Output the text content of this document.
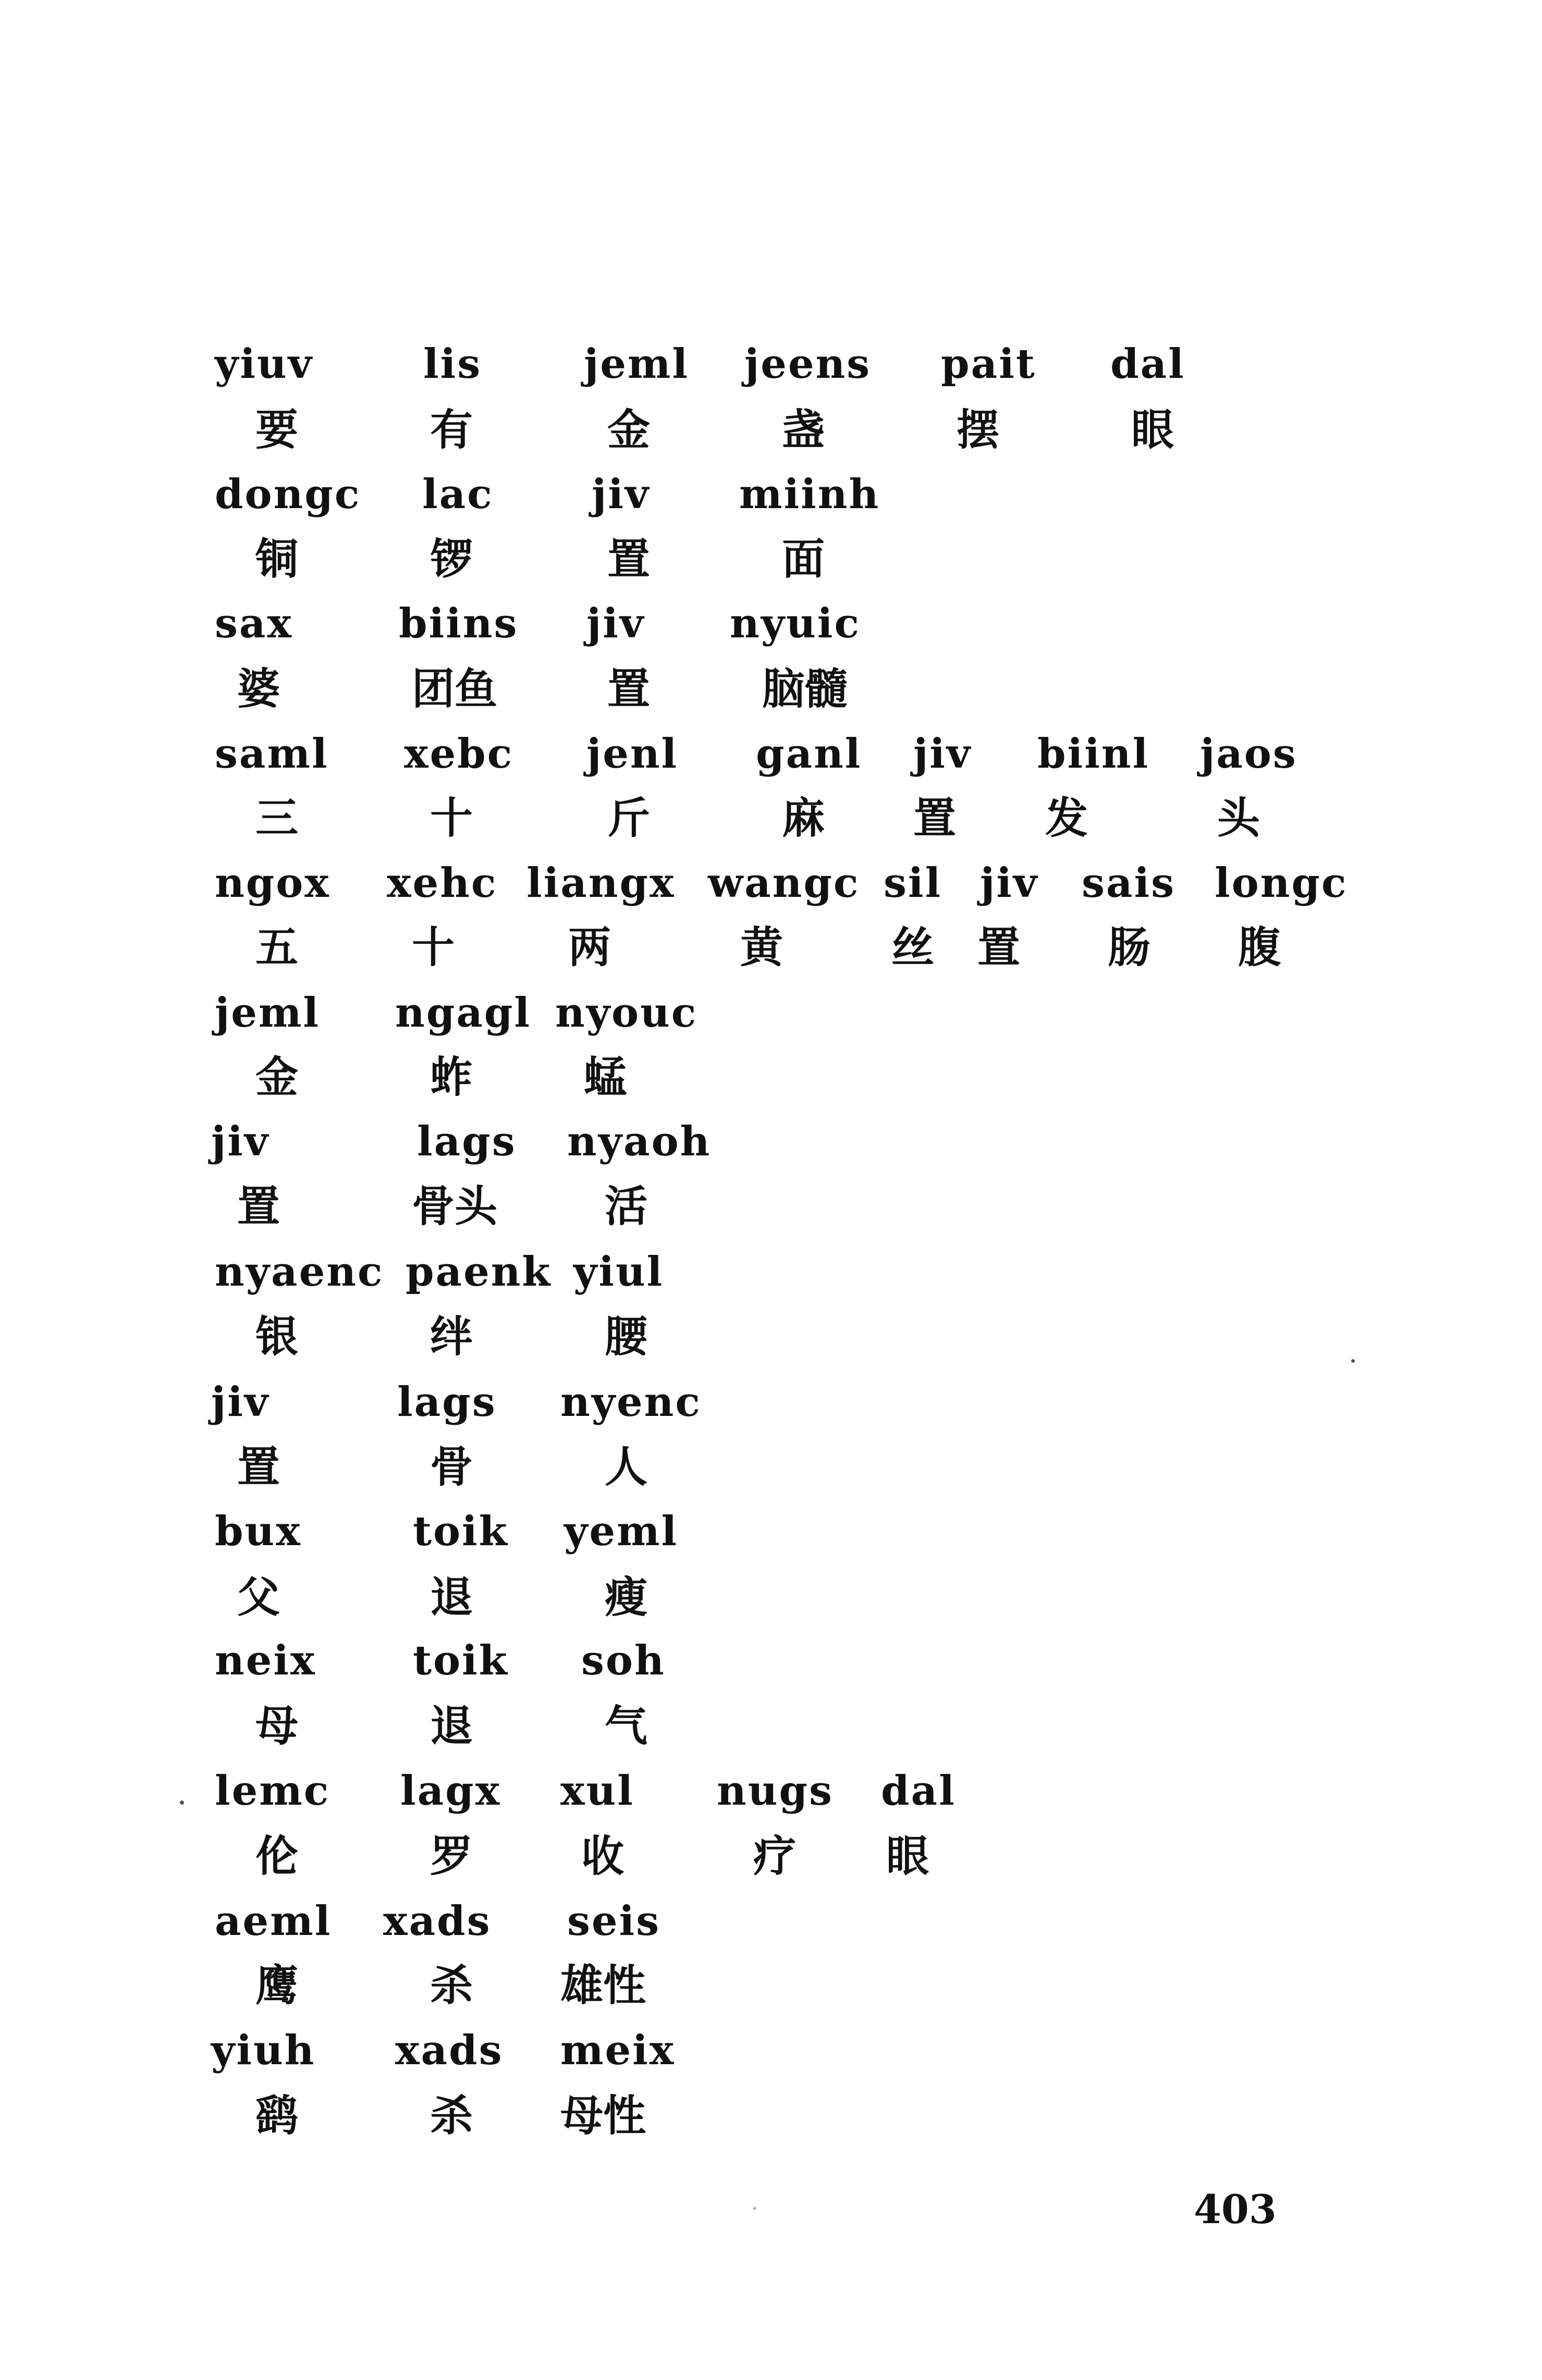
yiuv	lis	jeml jeens pait dal
要	有	金	盏	摆	眼
dongc lac jiv miinh
铜	锣	置	面
sax	biins jiv nyuic
婆	团鱼	置	脑髓
saml xebc jenl ganl jiv biinl jaos
三	十	斤	麻 置 发	头
ngox xehc liangx wangc sil jiv sais longc
五	十	两	黄	丝 置 肠 腹
jeml ngagl nyouc
金	蚱	蜢
jiv	lags nyaoh
置	骨头	活
nyaenc paenk yiul
银	绊	腰
jiv	lags nyenc
置	骨	人
bux	toik yeml
父	退	瘦
neix toik soh
母	退	气
lemc lagx xul nugs dal
伦	罗	收	疗 眼
aeml xads seis
鹰	杀 雄性
yiuh xads meix
鹞	杀 母性
403
